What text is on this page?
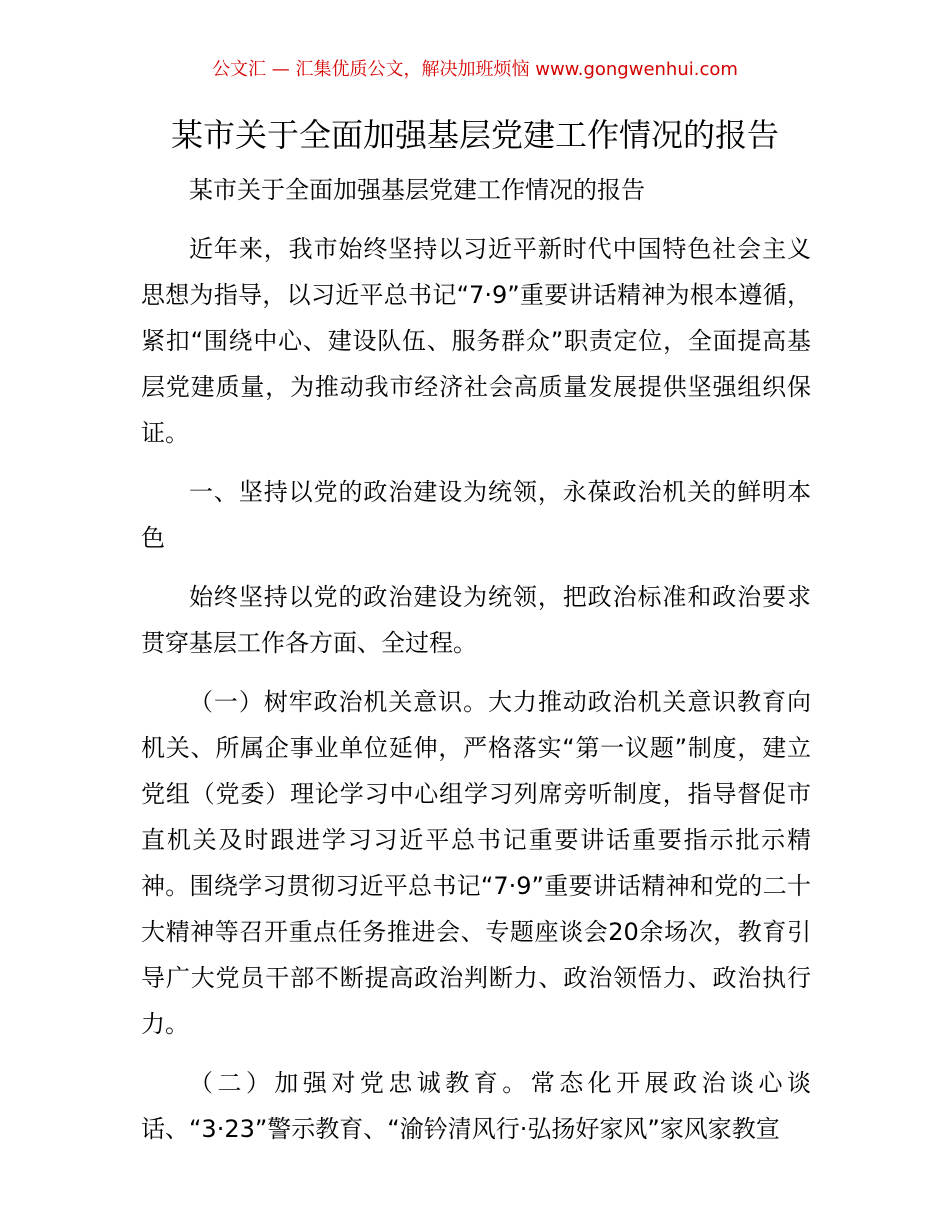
公文汇 — 汇集优质公文，解决加班烦恼 www.gongwenhui.com
某市关于全面加强基层党建工作情况的报告

某市关于全面加强基层党建工作情况的报告

近年来，我市始终坚持以习近平新时代中国特色社会主义思想为指导，以习近平总书记“7·9”重要讲话精神为根本遵循，紧扣“围绕中心、建设队伍、服务群众”职责定位，全面提高基层党建质量，为推动我市经济社会高质量发展提供坚强组织保证。

一、坚持以党的政治建设为统领，永葆政治机关的鲜明本色

始终坚持以党的政治建设为统领，把政治标准和政治要求贯穿基层工作各方面、全过程。

（一）树牢政治机关意识。大力推动政治机关意识教育向机关、所属企事业单位延伸，严格落实“第一议题”制度，建立党组（党委）理论学习中心组学习列席旁听制度，指导督促市直机关及时跟进学习习近平总书记重要讲话重要指示批示精神。围绕学习贯彻习近平总书记“7·9”重要讲话精神和党的二十大精神等召开重点任务推进会、专题座谈会20余场次，教育引导广大党员干部不断提高政治判断力、政治领悟力、政治执行力。

（二）加强对党忠诚教育。常态化开展政治谈心谈话、“3·23”警示教育、“渝钤清风行·弘扬好家风”家风家教宣
